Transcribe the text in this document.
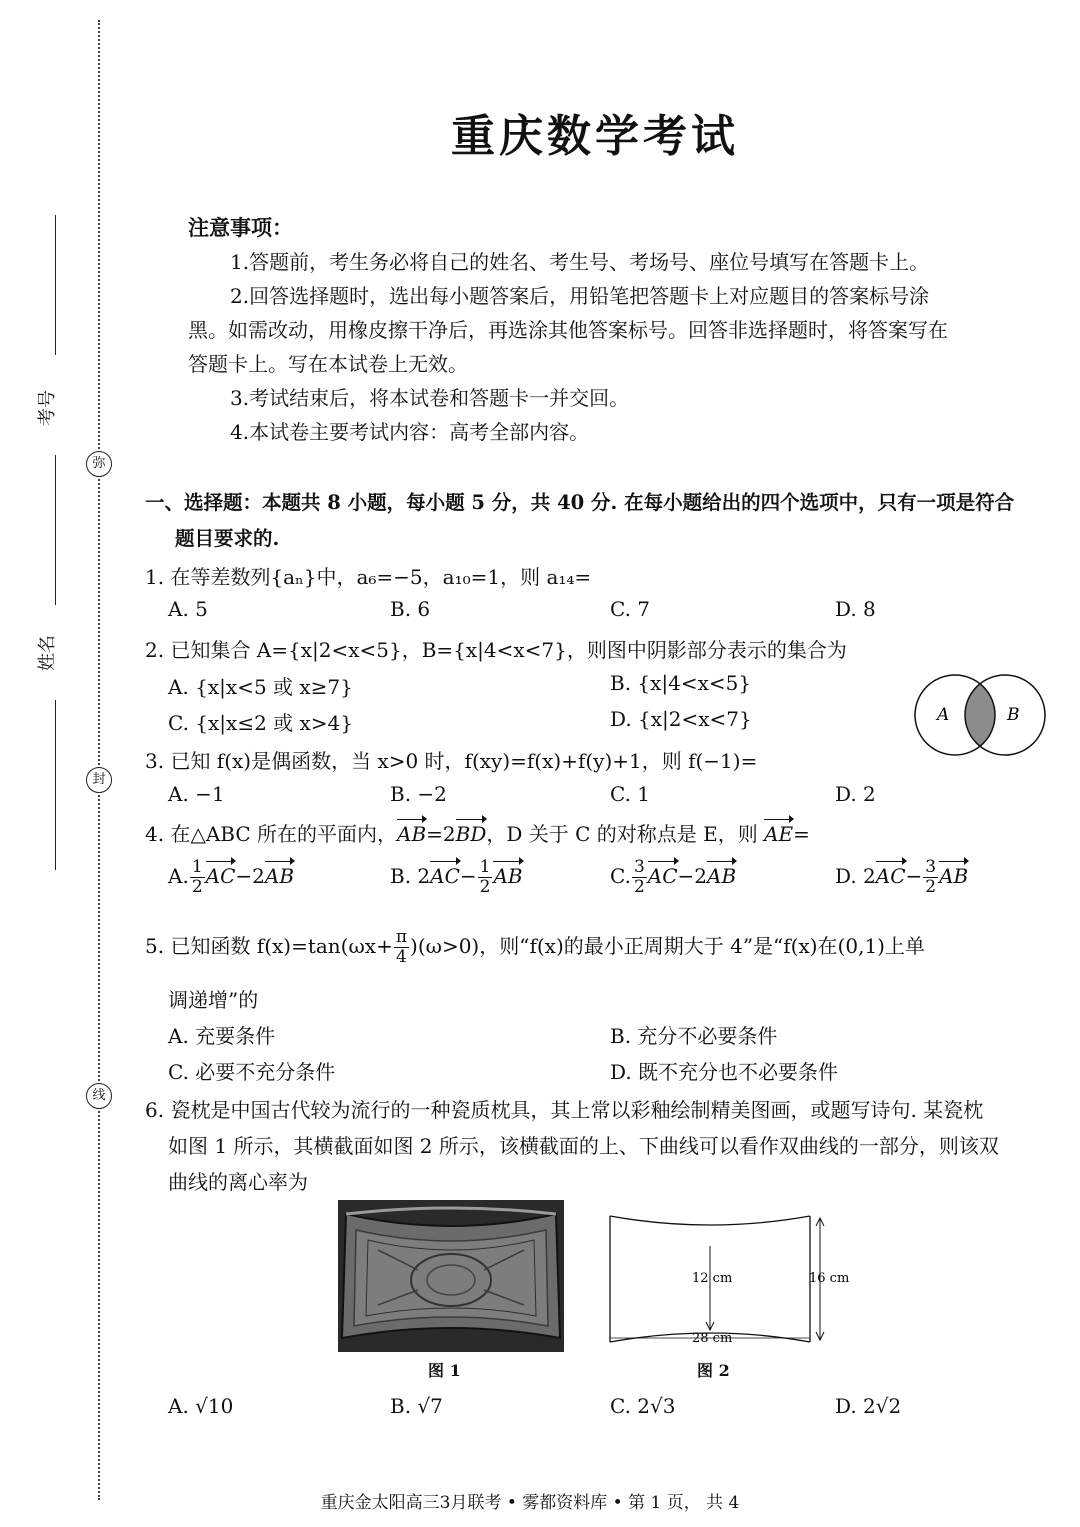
考号
姓名
弥
封
线
重庆数学考试
注意事项：
1.答题前，考生务必将自己的姓名、考生号、考场号、座位号填写在答题卡上。
2.回答选择题时，选出每小题答案后，用铅笔把答题卡上对应题目的答案标号涂
黑。如需改动，用橡皮擦干净后，再选涂其他答案标号。回答非选择题时，将答案写在
答题卡上。写在本试卷上无效。
3.考试结束后，将本试卷和答题卡一并交回。
4.本试卷主要考试内容：高考全部内容。
一、选择题：本题共 8 小题，每小题 5 分，共 40 分. 在每小题给出的四个选项中，只有一项是符合
题目要求的.
1. 在等差数列{aₙ}中，a₆=−5，a₁₀=1，则 a₁₄=
A. 5	B. 6	C. 7	D. 8
2. 已知集合 A={x|2<x<5}，B={x|4<x<7}，则图中阴影部分表示的集合为
A. {x|x<5 或 x≥7}	B. {x|4<x<5}
C. {x|x≤2 或 x>4}	D. {x|2<x<7}	A	B
3. 已知 f(x)是偶函数，当 x>0 时，f(xy)=f(x)+f(y)+1，则 f(−1)=
A. −1	B. −2	C. 1	D. 2
4. 在△ABC 所在的平面内，AB=2BD，D 关于 C 的对称点是 E，则 AE=
A. $\frac{1}{2} AC-2AB$	B. $2AC- \frac{1}{2}$ AB	C. $\frac{3}{2} AC-2AB$	D. $2AC- \frac{3}{2}$ AB
5. 已知函数 $f(x)=\tan(\omega x+ \frac{\pi}{4} )(\omega>0)$，则“f(x)的最小正周期大于 4”是“f(x)在(0,1)上单
调递增”的
A. 充要条件	B. 充分不必要条件
C. 必要不充分条件	D. 既不充分也不必要条件
6. 瓷枕是中国古代较为流行的一种瓷质枕具，其上常以彩釉绘制精美图画，或题写诗句. 某瓷枕
如图 1 所示，其横截面如图 2 所示，该横截面的上、下曲线可以看作双曲线的一部分，则该双
曲线的离心率为
图 1
12 cm	16 cm
28 cm
图 2
A. √10	B. √7	C. 2√3	D. 2√2
重庆金太阳高三3月联考 • 雾都资料库 • 第 1 页， 共 4
